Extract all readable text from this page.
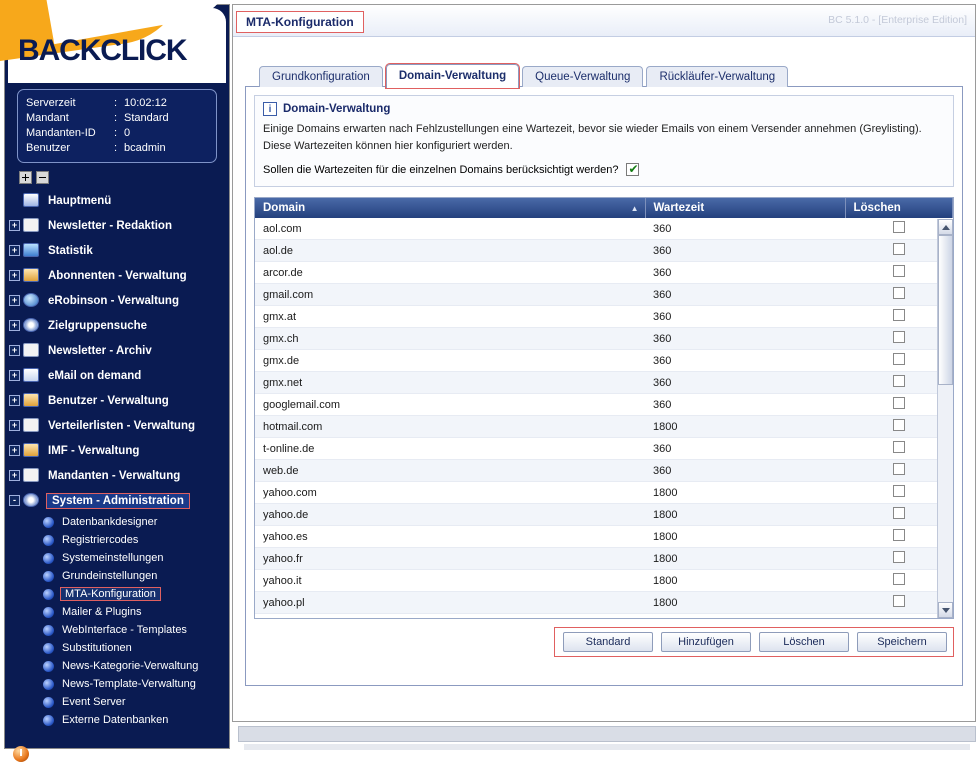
BACKCLICK
Serverzeit	: 10:02:12
Mandant	: Standard
Mandanten-ID	: 0
Benutzer	: bcadmin
Hauptmenü
+	Newsletter - Redaktion
+	Statistik
+	Abonnenten - Verwaltung
+	eRobinson - Verwaltung
+	Zielgruppensuche
+	Newsletter - Archiv
+	eMail on demand
+	Benutzer - Verwaltung
+	Verteilerlisten - Verwaltung
+	IMF - Verwaltung
+	Mandanten - Verwaltung
-	System - Administration
Datenbankdesigner
Registriercodes
Systemeinstellungen
Grundeinstellungen
MTA-Konfiguration
Mailer & Plugins
WebInterface - Templates
Substitutionen
News-Kategorie-Verwaltung
News-Template-Verwaltung
Event Server
Externe Datenbanken
Logout
MTA-Konfiguration	BC 5.1.0 - [Enterprise Edition]
Grundkonfiguration	Domain-Verwaltung	Queue-Verwaltung	Rückläufer-Verwaltung
i	Domain-Verwaltung

Einige Domains erwarten nach Fehlzustellungen eine Wartezeit, bevor sie wieder Emails von einem Versender annehmen (Greylisting).

Diese Wartezeiten können hier konfiguriert werden.

Sollen die Wartezeiten für die einzelnen Domains berücksichtigt werden?
✔
Domain ▲	Wartezeit	Löschen
aol.com	360	
aol.de	360	
arcor.de	360	
gmail.com	360	
gmx.at	360	
gmx.ch	360	
gmx.de	360	
gmx.net	360	
googlemail.com	360	
hotmail.com	1800	
t-online.de	360	
web.de	360	
yahoo.com	1800	
yahoo.de	1800	
yahoo.es	1800	
yahoo.fr	1800	
yahoo.it	1800	
yahoo.pl	1800	
Standard	Hinzufügen	Löschen	Speichern
